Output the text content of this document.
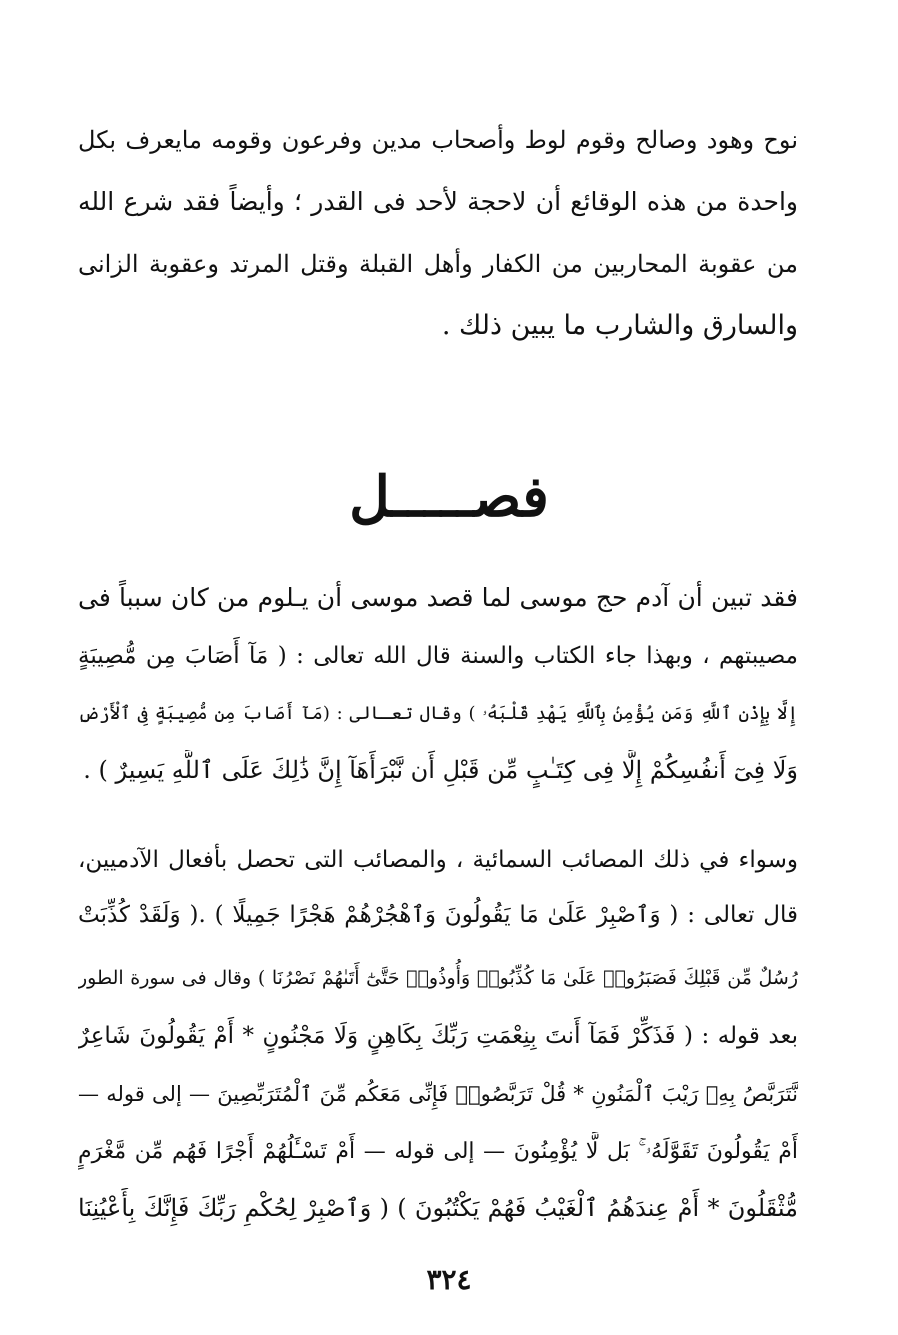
نوح وهود وصالح وقوم لوط وأصحاب مدين وفرعون وقومه مايعرف بكل
واحدة من هذه الوقائع أن لاحجة لأحد فى القدر ؛ وأيضاً فقد شرع الله
من عقوبة المحاربين من الكفار وأهل القبلة وقتل المرتد وعقوبة الزانى
والسارق والشارب ما يبين ذلك .
فصـــــل
فقد تبين أن آدم حج موسى لما قصد موسى أن يـلوم من كان سبباً فى
مصيبتهم ، وبهذا جاء الكتاب والسنة قال الله تعالى : ( مَآ أَصَابَ مِن مُّصِيبَةٍ
إِلَّا بِإِذْنِ ٱللَّهِ وَمَن يُؤْمِنۢ بِٱللَّهِ يَهْدِ قَلْبَهُۥ ) وقال تعـالى : (مَآ أَصَابَ مِن مُّصِيبَةٍ فِى ٱلْأَرْضِ
وَلَا فِىٓ أَنفُسِكُمْ إِلَّا فِى كِتَـٰبٍ مِّن قَبْلِ أَن نَّبْرَأَهَآ إِنَّ ذَٰلِكَ عَلَى ٱللَّهِ يَسِيرٌ ) .
وسواء في ذلك المصائب السمائية ، والمصائب التى تحصل بأفعال الآدميين،
قال تعالى : ( وَٱصْبِرْ عَلَىٰ مَا يَقُولُونَ وَٱهْجُرْهُمْ هَجْرًا جَمِيلًا ) .( وَلَقَدْ كُذِّبَتْ
رُسُلٌ مِّن قَبْلِكَ فَصَبَرُوا۟ عَلَىٰ مَا كُذِّبُوا۟ وَأُوذُوا۟ حَتَّىٰٓ أَتَىٰهُمْ نَصْرُنَا ) وقال فى سورة الطور
بعد قوله : ( فَذَكِّرْ فَمَآ أَنتَ بِنِعْمَتِ رَبِّكَ بِكَاهِنٍ وَلَا مَجْنُونٍ * أَمْ يَقُولُونَ شَاعِرٌ
نَّتَرَبَّصُ بِهِۦ رَيْبَ ٱلْمَنُونِ * قُلْ تَرَبَّصُوا۟ فَإِنِّى مَعَكُم مِّنَ ٱلْمُتَرَبِّصِينَ — إلى قوله —
أَمْ يَقُولُونَ تَقَوَّلَهُۥ ۚ بَل لَّا يُؤْمِنُونَ — إلى قوله — أَمْ تَسْـَٔلُهُمْ أَجْرًا فَهُم مِّن مَّغْرَمٍ
مُّثْقَلُونَ * أَمْ عِندَهُمُ ٱلْغَيْبُ فَهُمْ يَكْتُبُونَ ) ( وَٱصْبِرْ لِحُكْمِ رَبِّكَ فَإِنَّكَ بِأَعْيُنِنَا
٣٢٤
